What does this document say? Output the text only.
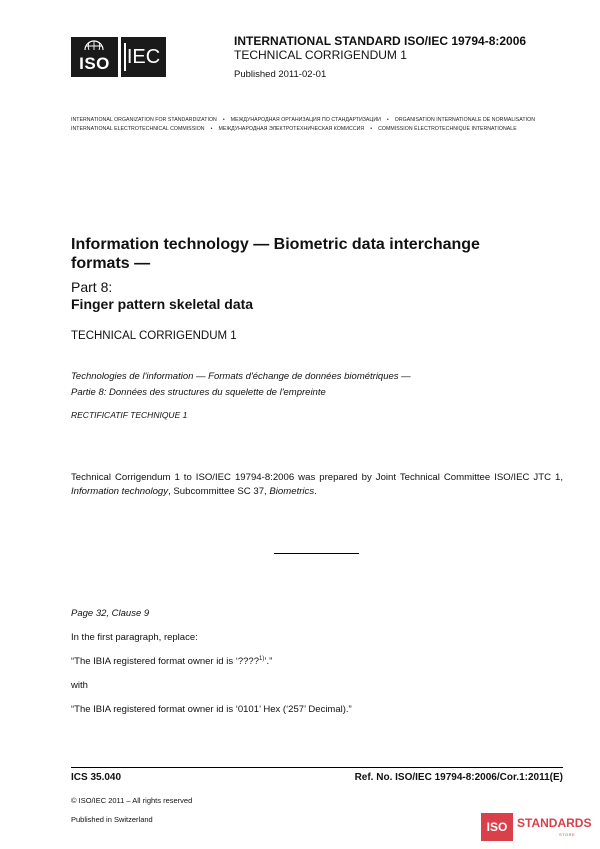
ISO IEC
INTERNATIONAL STANDARD ISO/IEC 19794-8:2006
TECHNICAL CORRIGENDUM 1
Published 2011-02-01
INTERNATIONAL ORGANIZATION FOR STANDARDIZATION • МЕЖДУНАРОДНАЯ ОРГАНИЗАЦИЯ ПО СТАНДАРТИЗАЦИИ • ORGANISATION INTERNATIONALE DE NORMALISATION
INTERNATIONAL ELECTROTECHNICAL COMMISSION • МЕЖДУНАРОДНАЯ ЭЛЕКТРОТЕХНИЧЕСКАЯ КОМИССИЯ • COMMISSION ÉLECTROTECHNIQUE INTERNATIONALE
Information technology — Biometric data interchange formats —
Part 8:
Finger pattern skeletal data
TECHNICAL CORRIGENDUM 1
Technologies de l'information — Formats d'échange de données biométriques —
Partie 8: Données des structures du squelette de l'empreinte
RECTIFICATIF TECHNIQUE 1
Technical Corrigendum 1 to ISO/IEC 19794-8:2006 was prepared by Joint Technical Committee ISO/IEC JTC 1, Information technology, Subcommittee SC 37, Biometrics.
Page 32, Clause 9
In the first paragraph, replace:
“The IBIA registered format owner id is ‘????$^{1)}$’.”
with
“The IBIA registered format owner id is ‘0101’ Hex (‘257’ Decimal).”
ICS 35.040	Ref. No. ISO/IEC 19794-8:2006/Cor.1:2011(E)
© ISO/IEC 2011 – All rights reserved
Published in Switzerland
ISO STANDARDS
STORE
